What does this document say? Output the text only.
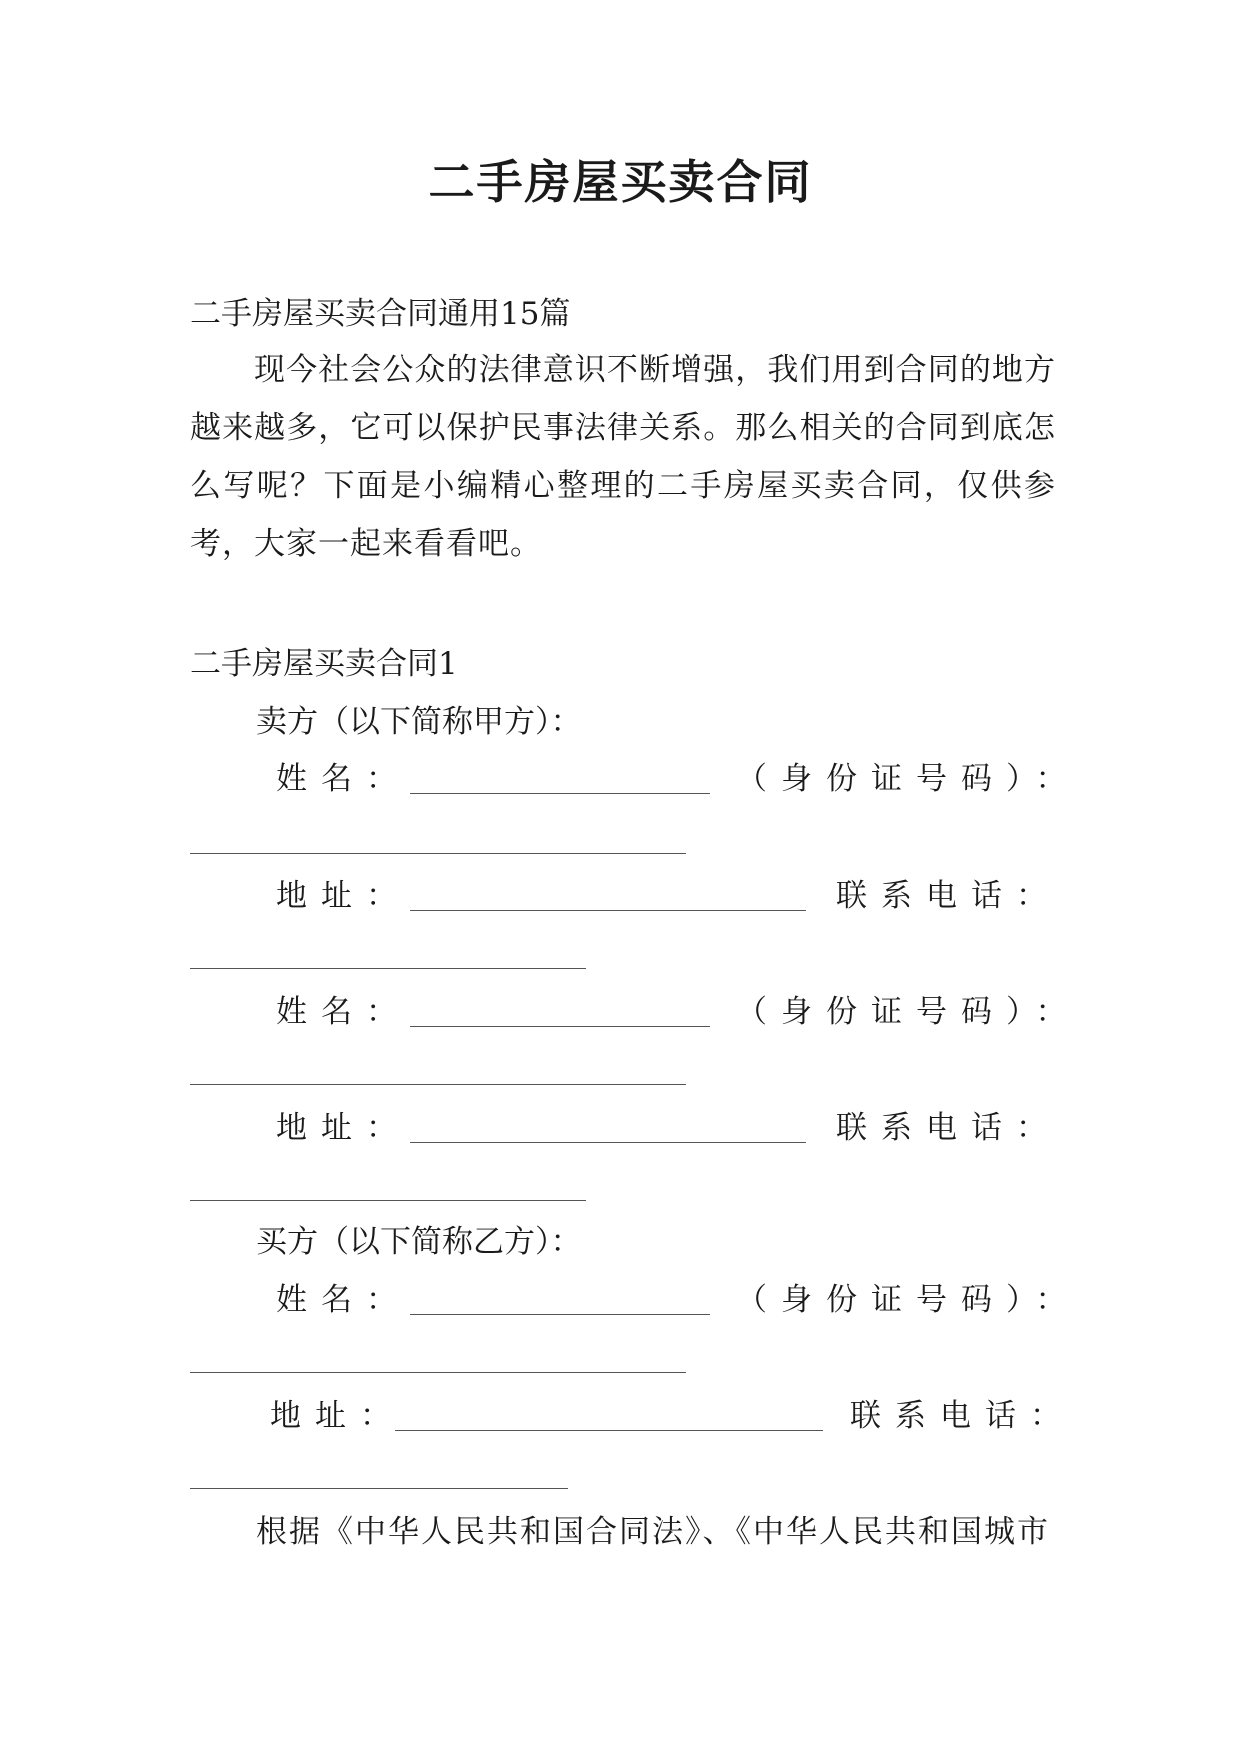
二手房屋买卖合同
二手房屋买卖合同通用15篇
现今社会公众的法律意识不断增强，我们用到合同的地方越来越多，它可以保护民事法律关系。那么相关的合同到底怎么写呢？下面是小编精心整理的二手房屋买卖合同，仅供参考，大家一起来看看吧。
二手房屋买卖合同1
卖方（以下简称甲方）：
姓名：	（身份证号码）：
地址：	联系电话：
姓名：	（身份证号码）：
地址：	联系电话：
买方（以下简称乙方）：
姓名：	（身份证号码）：
地址：	联系电话：
根据《中华人民共和国合同法》、《中华人民共和国城市
